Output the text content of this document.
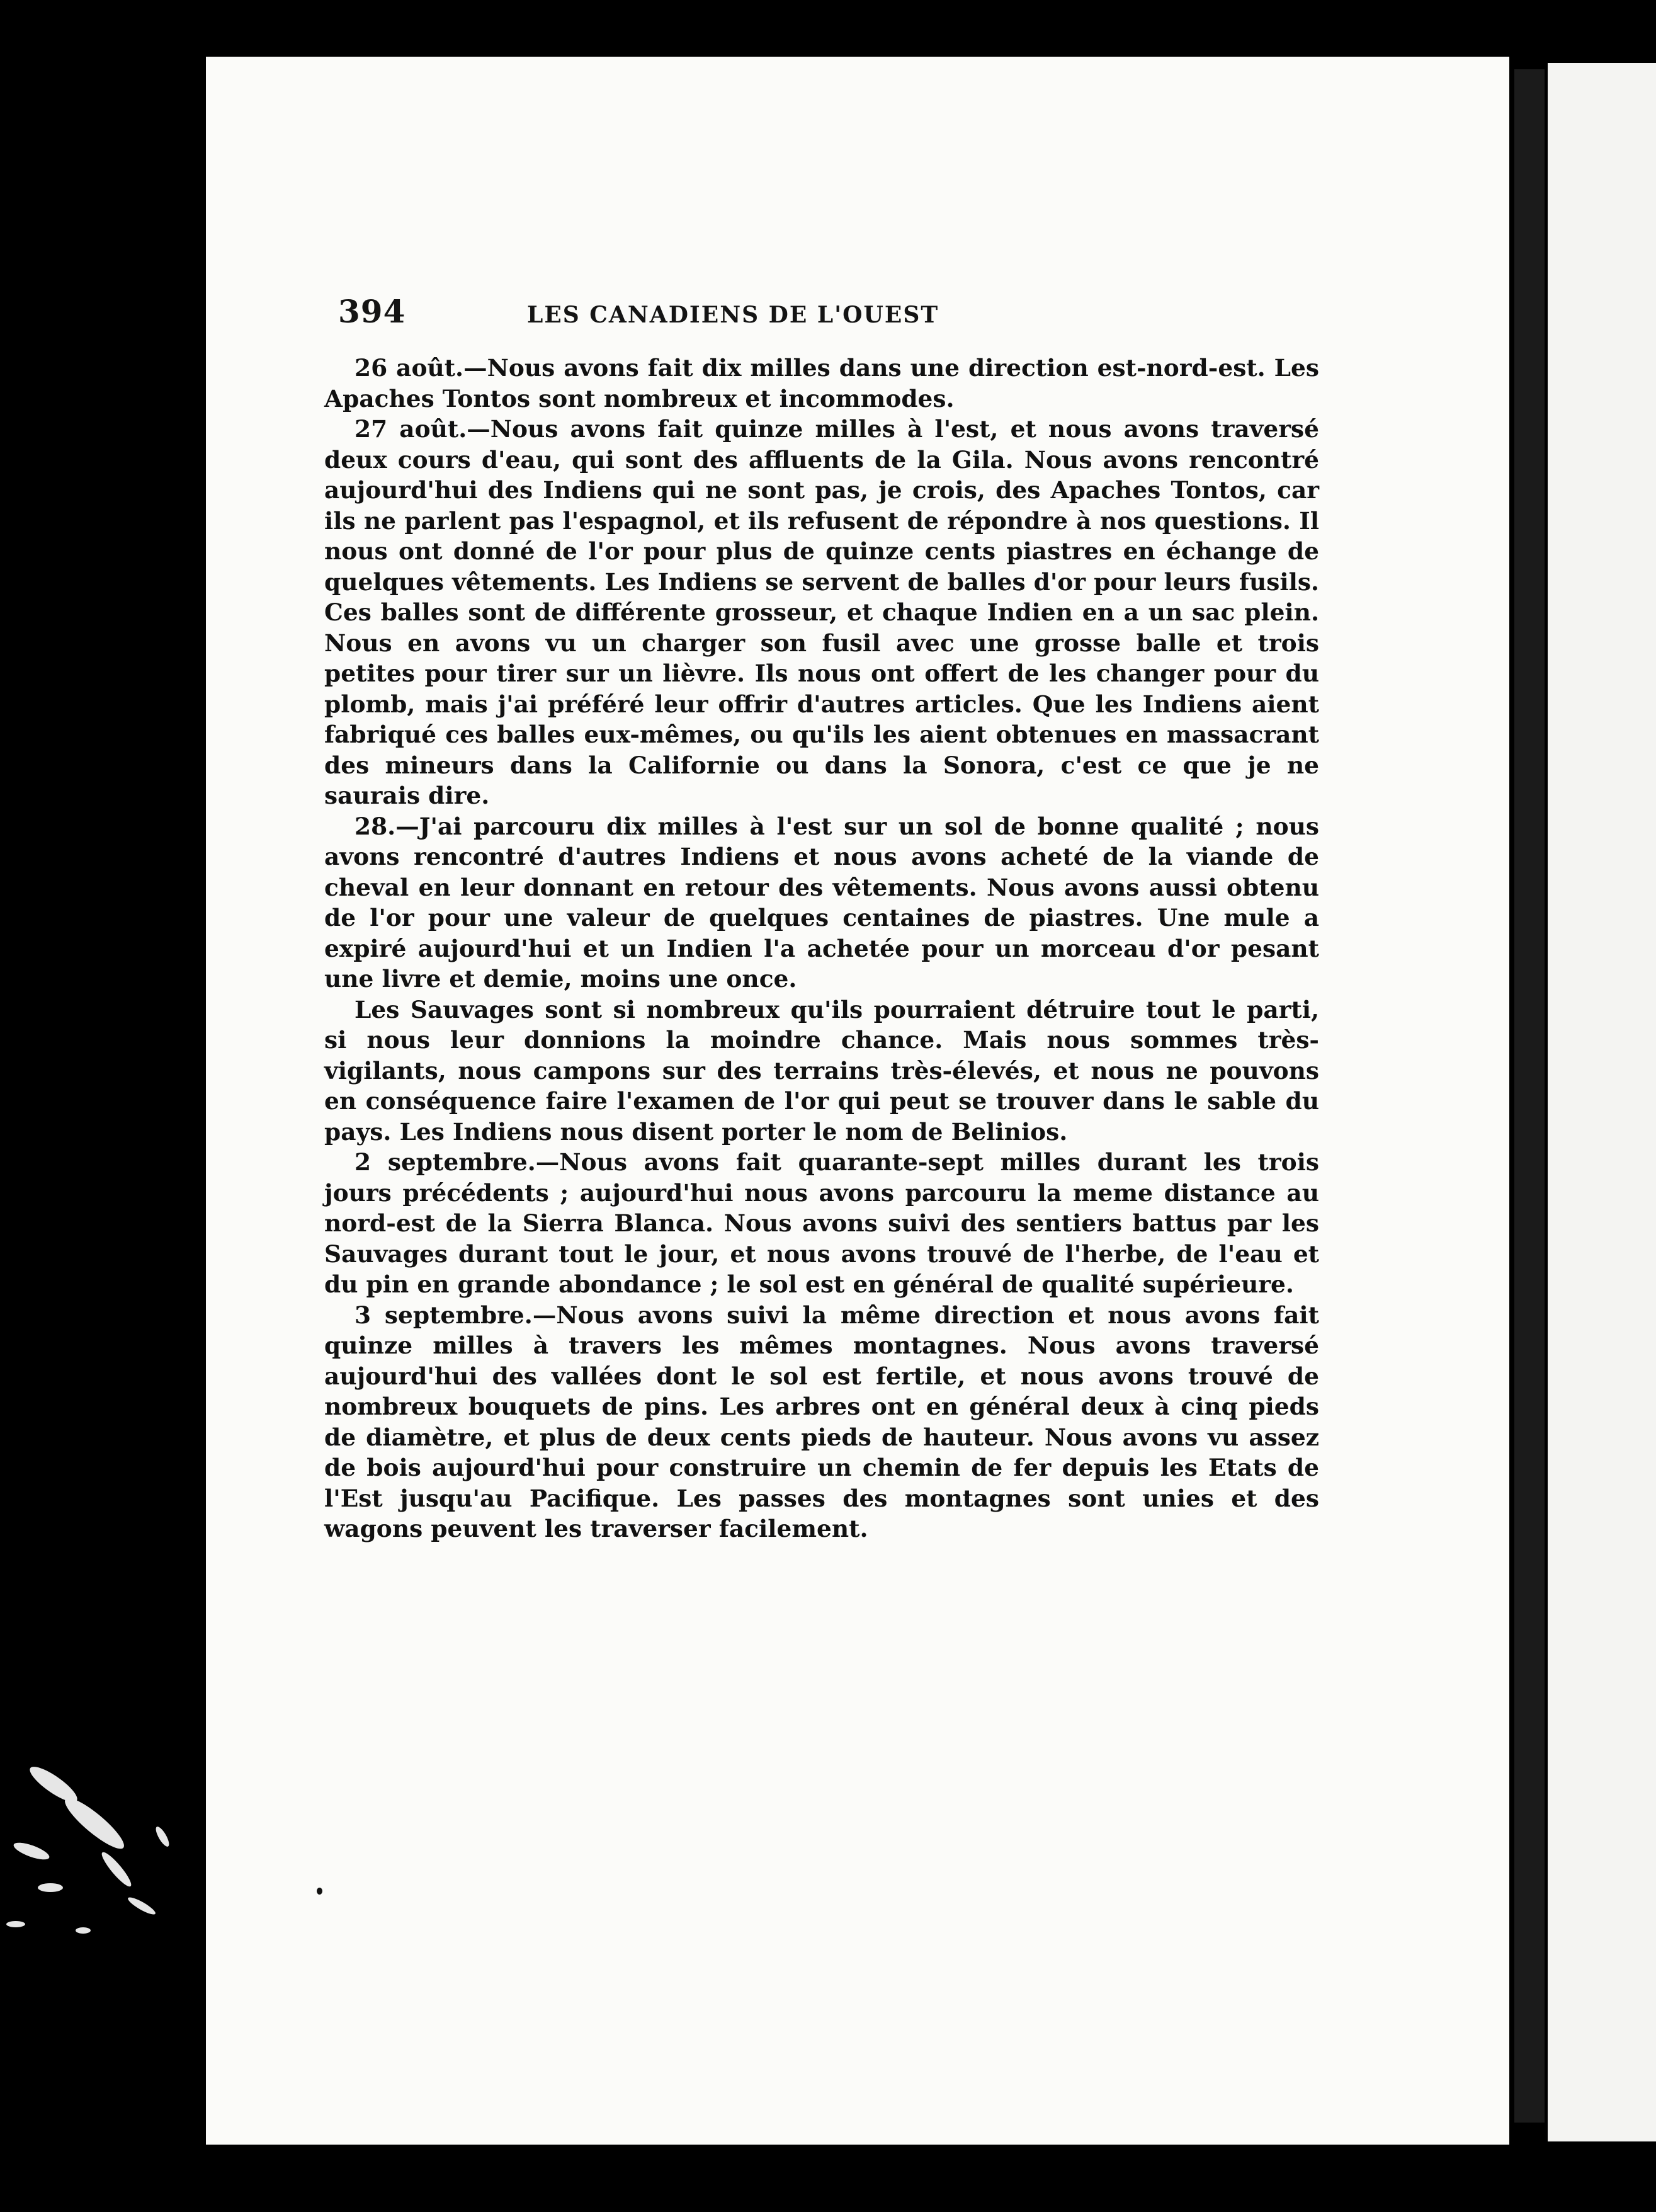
394	LES CANADIENS DE L'OUEST

26 août.—Nous avons fait dix milles dans une direction est-nord-est. Les Apaches Tontos sont nombreux et incommodes.

27 août.—Nous avons fait quinze milles à l'est, et nous avons traversé deux cours d'eau, qui sont des affluents de la Gila. Nous avons rencontré aujourd'hui des Indiens qui ne sont pas, je crois, des Apaches Tontos, car ils ne parlent pas l'espagnol, et ils refusent de répondre à nos questions. Il nous ont donné de l'or pour plus de quinze cents piastres en échange de quelques vêtements. Les Indiens se servent de balles d'or pour leurs fusils. Ces balles sont de différente grosseur, et chaque Indien en a un sac plein. Nous en avons vu un charger son fusil avec une grosse balle et trois petites pour tirer sur un lièvre. Ils nous ont offert de les changer pour du plomb, mais j'ai préféré leur offrir d'autres articles. Que les Indiens aient fabriqué ces balles eux-mêmes, ou qu'ils les aient obtenues en massacrant des mineurs dans la Californie ou dans la Sonora, c'est ce que je ne saurais dire.

28.—J'ai parcouru dix milles à l'est sur un sol de bonne qualité ; nous avons rencontré d'autres Indiens et nous avons acheté de la viande de cheval en leur donnant en retour des vêtements. Nous avons aussi obtenu de l'or pour une valeur de quelques centaines de piastres. Une mule a expiré aujourd'hui et un Indien l'a achetée pour un morceau d'or pesant une livre et demie, moins une once.

Les Sauvages sont si nombreux qu'ils pourraient détruire tout le parti, si nous leur donnions la moindre chance. Mais nous sommes très-vigilants, nous campons sur des terrains très-élevés, et nous ne pouvons en conséquence faire l'examen de l'or qui peut se trouver dans le sable du pays. Les Indiens nous disent porter le nom de Belinios.

2 septembre.—Nous avons fait quarante-sept milles durant les trois jours précédents ; aujourd'hui nous avons parcouru la meme distance au nord-est de la Sierra Blanca. Nous avons suivi des sentiers battus par les Sauvages durant tout le jour, et nous avons trouvé de l'herbe, de l'eau et du pin en grande abondance ; le sol est en général de qualité supérieure.

3 septembre.—Nous avons suivi la même direction et nous avons fait quinze milles à travers les mêmes montagnes. Nous avons traversé aujourd'hui des vallées dont le sol est fertile, et nous avons trouvé de nombreux bouquets de pins. Les arbres ont en général deux à cinq pieds de diamètre, et plus de deux cents pieds de hauteur. Nous avons vu assez de bois aujourd'hui pour construire un chemin de fer depuis les Etats de l'Est jusqu'au Pacifique. Les passes des montagnes sont unies et des wagons peuvent les traverser facilement.
